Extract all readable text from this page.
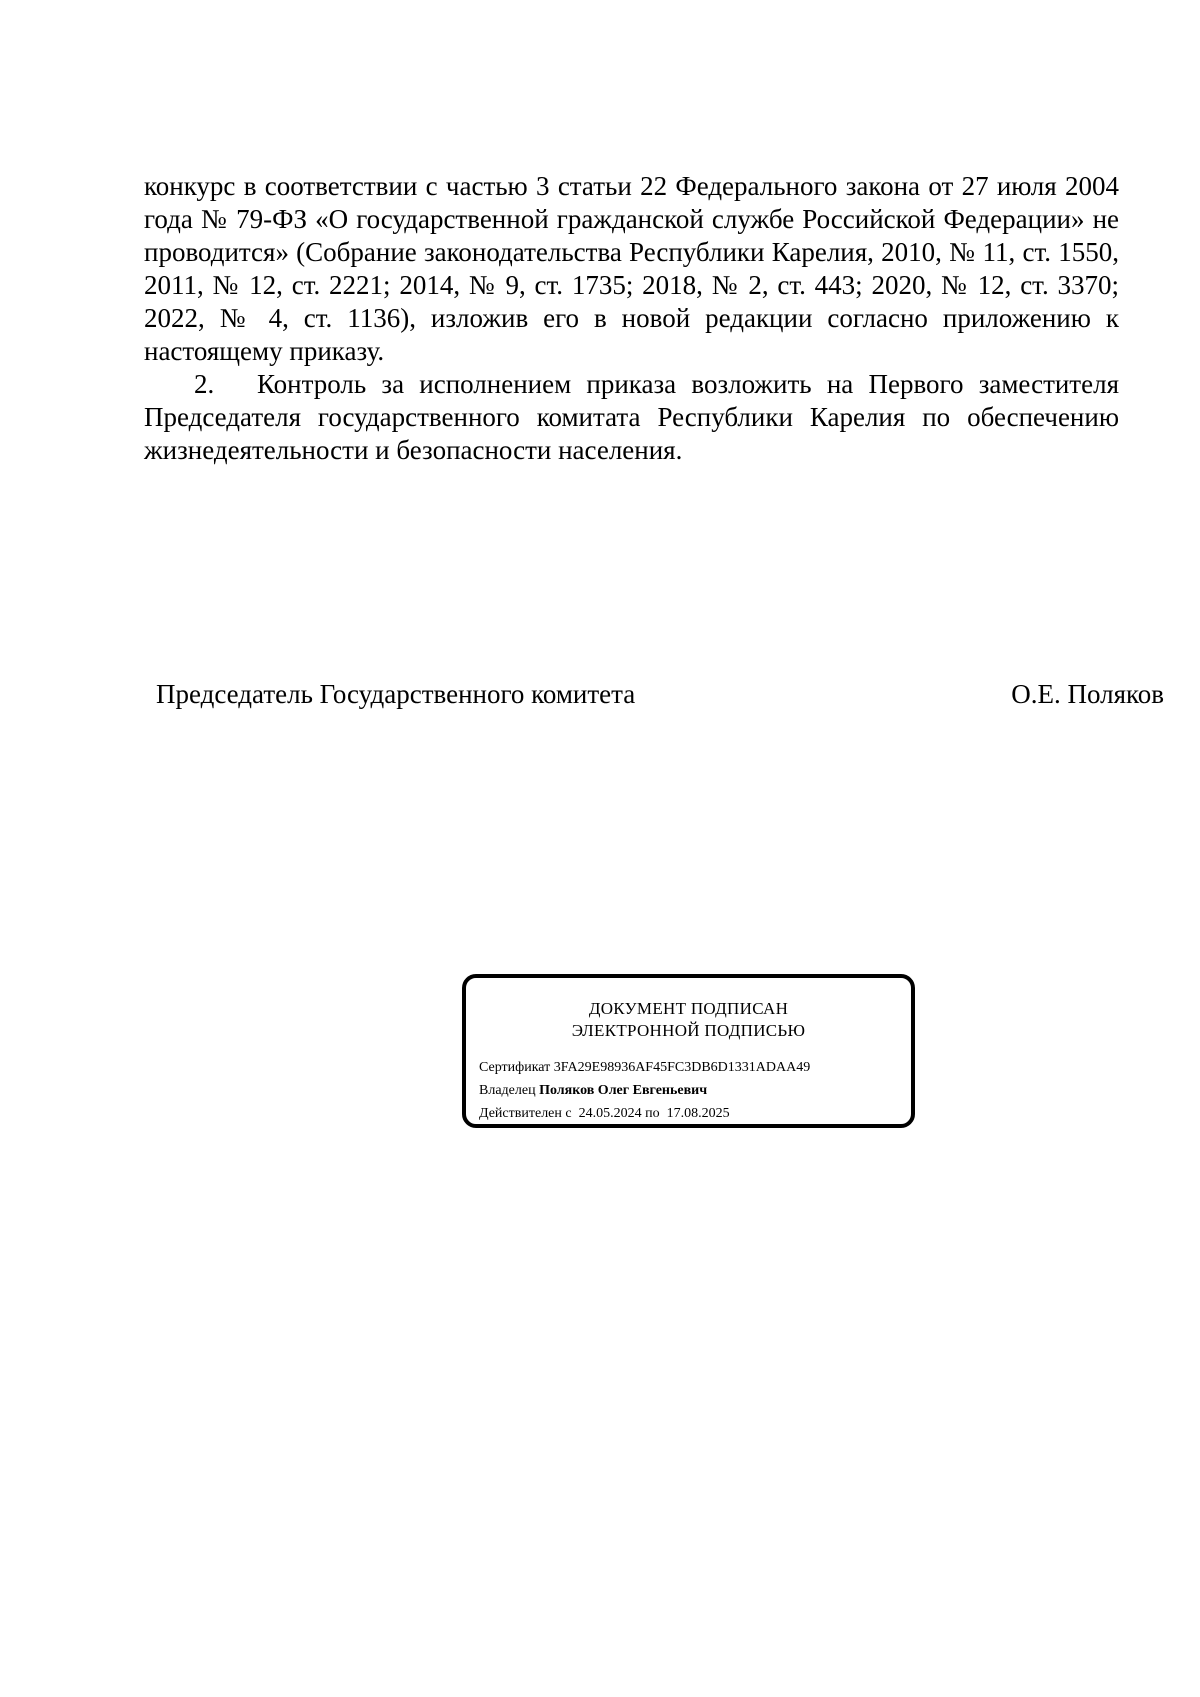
конкурс в соответствии с частью 3 статьи 22 Федерального закона от 27 июля 2004 года № 79-ФЗ «О государственной гражданской службе Российской Федерации» не проводится» (Собрание законодательства Республики Карелия, 2010, № 11, ст. 1550, 2011, № 12, ст. 2221; 2014, № 9, ст. 1735; 2018, № 2, ст. 443; 2020, № 12, ст. 3370; 2022, № 4, ст. 1136), изложив его в новой редакции согласно приложению к настоящему приказу.

2. Контроль за исполнением приказа возложить на Первого заместителя Председателя государственного комитата Республики Карелия по обеспечению жизнедеятельности и безопасности населения.

Председатель Государственного комитета	О.Е. Поляков
ДОКУМЕНТ ПОДПИСАН
ЭЛЕКТРОННОЙ ПОДПИСЬЮ
Сертификат 3FA29E98936AF45FC3DB6D1331ADAA49
Владелец Поляков Олег Евгеньевич
Действителен с 24.05.2024 по 17.08.2025
